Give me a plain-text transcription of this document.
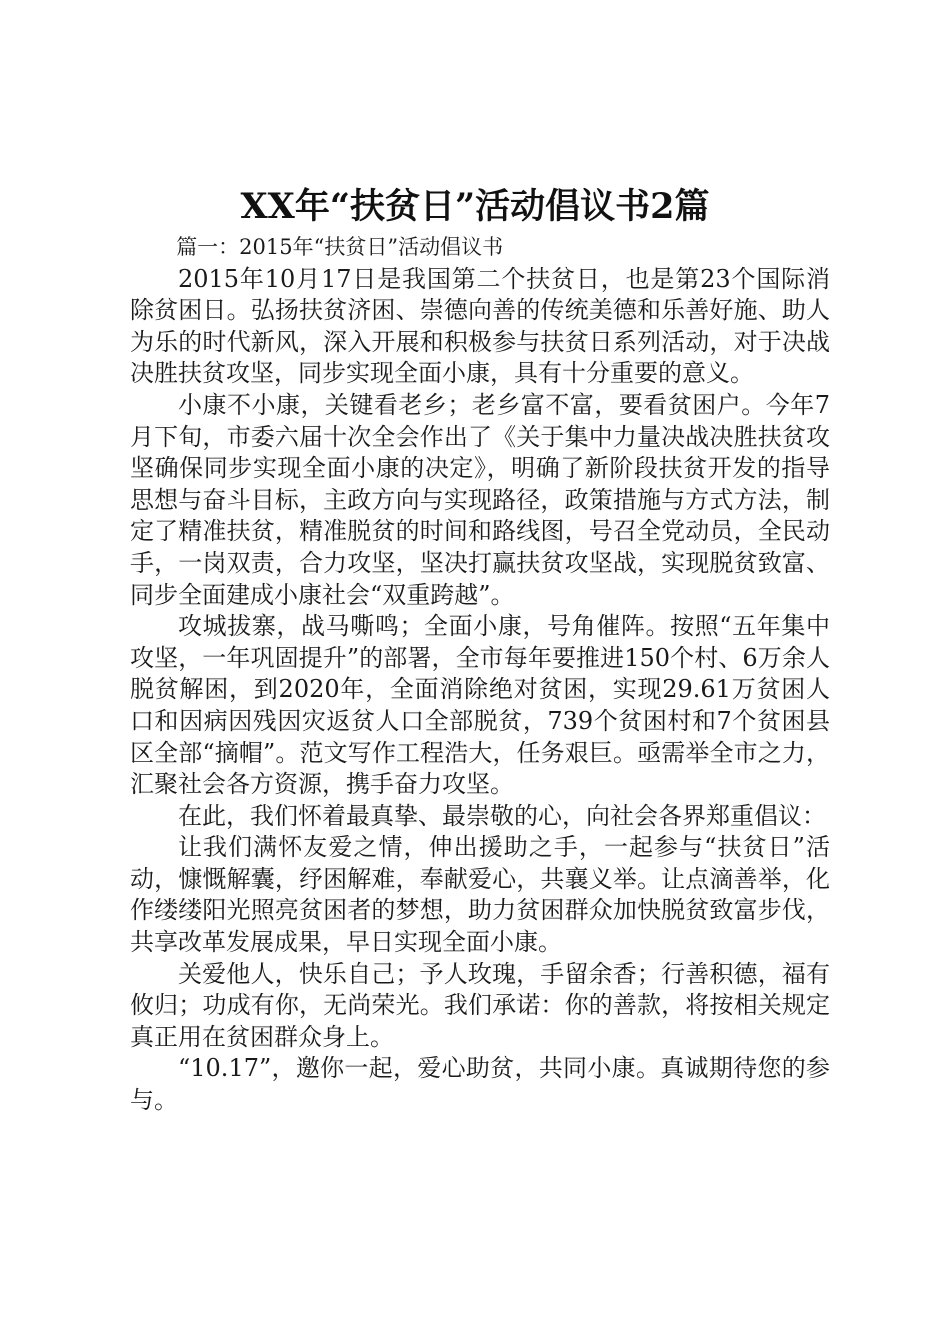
XX年“扶贫日”活动倡议书2篇

篇一：2015年“扶贫日”活动倡议书

2015年10月17日是我国第二个扶贫日，也是第23个国际消除贫困日。弘扬扶贫济困、崇德向善的传统美德和乐善好施、助人为乐的时代新风，深入开展和积极参与扶贫日系列活动，对于决战决胜扶贫攻坚，同步实现全面小康，具有十分重要的意义。

小康不小康，关键看老乡；老乡富不富，要看贫困户。今年7月下旬，市委六届十次全会作出了《关于集中力量决战决胜扶贫攻坚确保同步实现全面小康的决定》，明确了新阶段扶贫开发的指导思想与奋斗目标，主政方向与实现路径，政策措施与方式方法，制定了精准扶贫，精准脱贫的时间和路线图，号召全党动员，全民动手，一岗双责，合力攻坚，坚决打赢扶贫攻坚战，实现脱贫致富、同步全面建成小康社会“双重跨越”。

攻城拔寨，战马嘶鸣；全面小康，号角催阵。按照“五年集中攻坚，一年巩固提升”的部署，全市每年要推进150个村、6万余人脱贫解困，到2020年，全面消除绝对贫困，实现29.61万贫困人口和因病因残因灾返贫人口全部脱贫，739个贫困村和7个贫困县区全部“摘帽”。范文写作工程浩大，任务艰巨。亟需举全市之力，汇聚社会各方资源，携手奋力攻坚。

在此，我们怀着最真挚、最崇敬的心，向社会各界郑重倡议：

让我们满怀友爱之情，伸出援助之手，一起参与“扶贫日”活动，慷慨解囊，纾困解难，奉献爱心，共襄义举。让点滴善举，化作缕缕阳光照亮贫困者的梦想，助力贫困群众加快脱贫致富步伐，共享改革发展成果，早日实现全面小康。

关爱他人，快乐自己；予人玫瑰，手留余香；行善积德，福有攸归；功成有你，无尚荣光。我们承诺：你的善款，将按相关规定真正用在贫困群众身上。

“10.17”，邀你一起，爱心助贫，共同小康。真诚期待您的参与。
